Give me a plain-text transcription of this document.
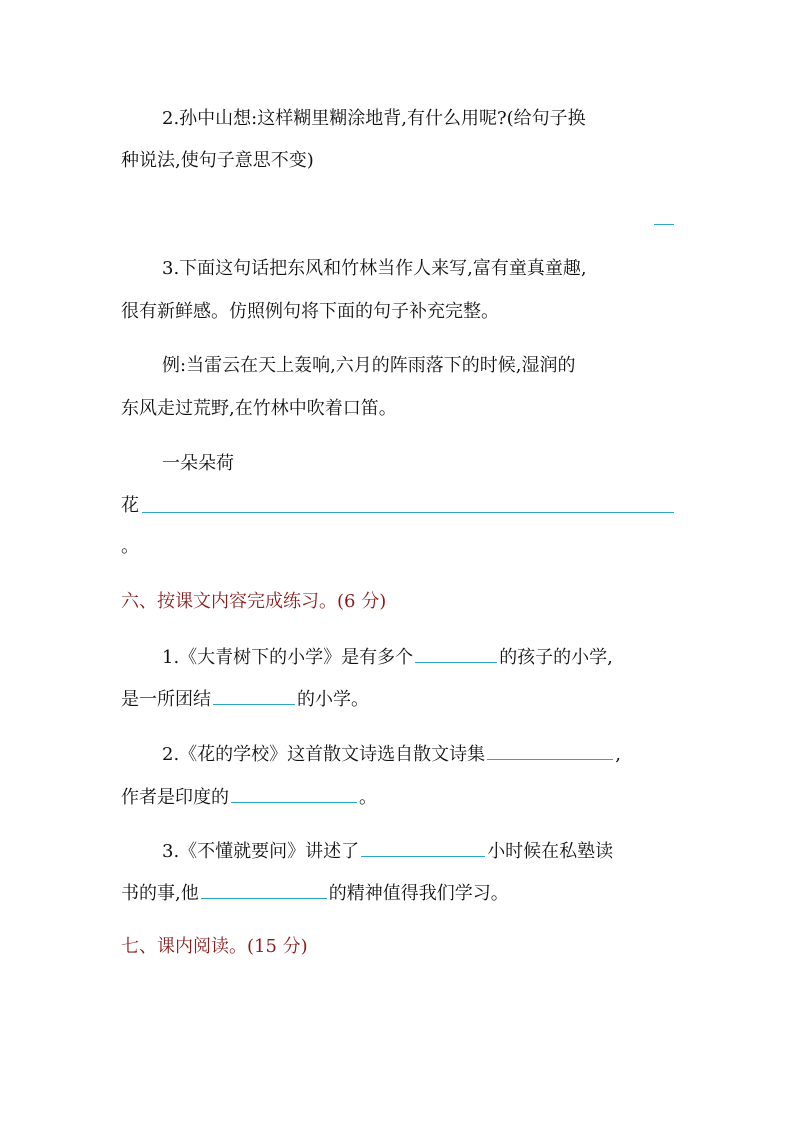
2.孙中山想:这样糊里糊涂地背,有什么用呢?(给句子换
种说法,使句子意思不变)
3.下面这句话把东风和竹林当作人来写,富有童真童趣,
很有新鲜感。仿照例句将下面的句子补充完整。
例:当雷云在天上轰响,六月的阵雨落下的时候,湿润的
东风走过荒野,在竹林中吹着口笛。
一朵朵荷
花
。
六、按课文内容完成练习。(6 分)
1.《大青树下的小学》是有多个	的孩子的小学,
是一所团结	的小学。
2.《花的学校》这首散文诗选自散文诗集	,
作者是印度的	。
3.《不懂就要问》讲述了	小时候在私塾读
书的事,他	的精神值得我们学习。
七、课内阅读。(15 分)
